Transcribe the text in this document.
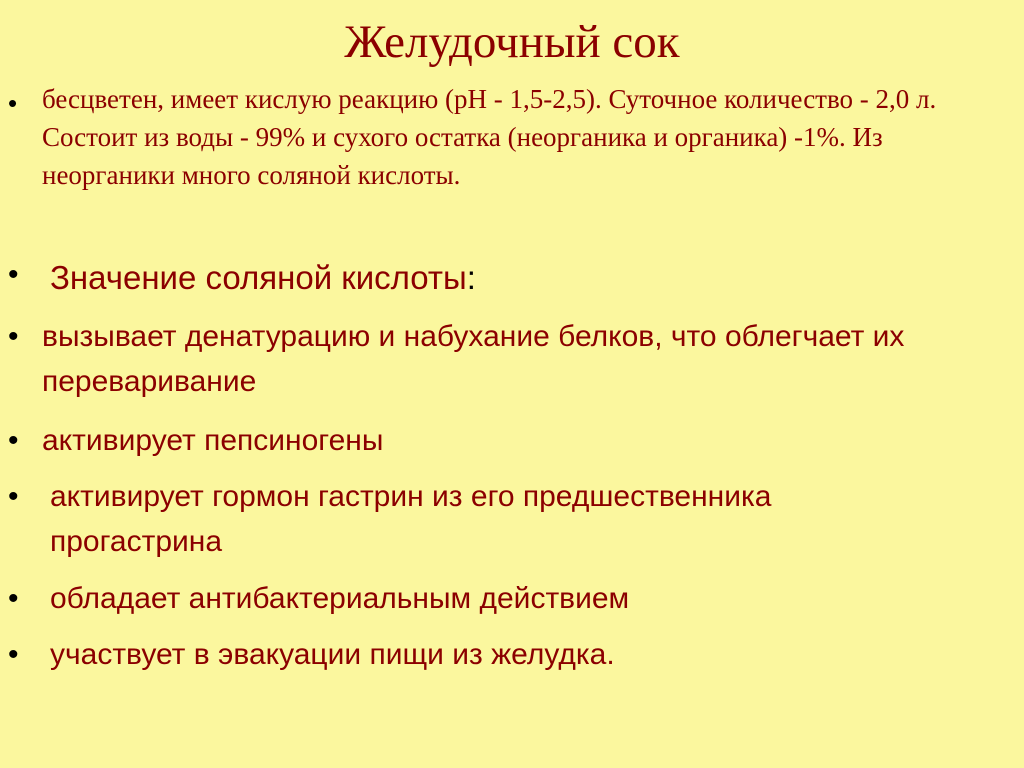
Желудочный сок
• бесцветен, имеет кислую реакцию (рН - 1,5-2,5). Суточное количество - 2,0 л. Состоит из воды - 99% и сухого остатка (неорганика и органика) -1%. Из неорганики много соляной кислоты.
• Значение соляной кислоты:
• вызывает денатурацию и набухание белков, что облегчает их переваривание
• активирует пепсиногены
• активирует гормон гастрин из его предшественника прогастрина
• обладает антибактериальным действием
• участвует в эвакуации пищи из желудка.
